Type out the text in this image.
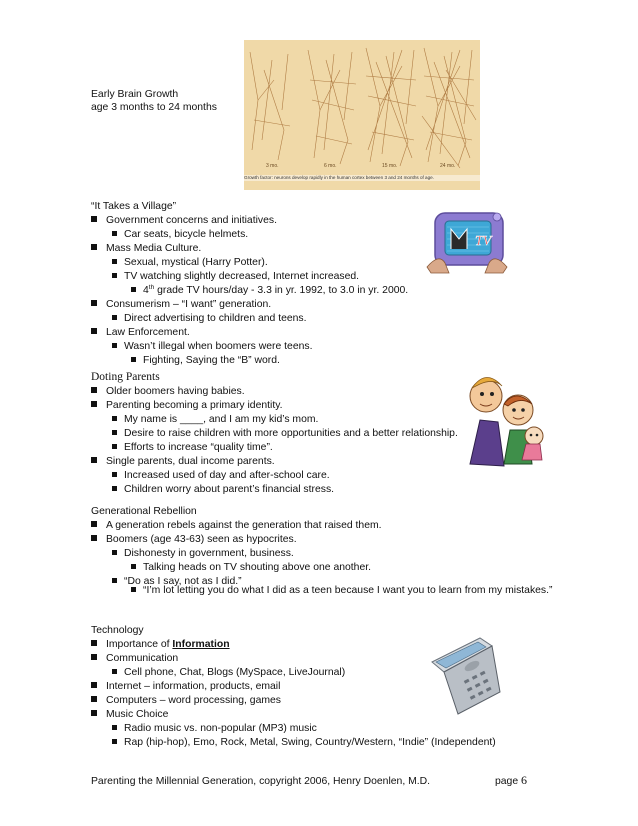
3 mo.	6 mo.	15 mo.	24 mo.
Growth factor: neurons develop rapidly in the human cortex between 3 and 24 months of age.
Early Brain Growth
age 3 months to 24 months
“It Takes a Village”
Government concerns and initiatives.
Car seats, bicycle helmets.
Mass Media Culture.
Sexual, mystical (Harry Potter).
TV watching slightly decreased, Internet increased.
4th grade TV hours/day - 3.3 in yr. 1992, to 3.0 in yr. 2000.
Consumerism – “I want” generation.
Direct advertising to children and teens.
Law Enforcement.
Wasn’t illegal when boomers were teens.
Fighting, Saying the “B” word.
TV
Doting Parents
Older boomers having babies.
Parenting becoming a primary identity.
My name is ____, and I am my kid’s mom.
Desire to raise children with more opportunities and a better relationship.
Efforts to increase “quality time”.
Single parents, dual income parents.
Increased used of day and after-school care.
Children worry about parent’s financial stress.
Generational Rebellion
A generation rebels against the generation that raised them.
Boomers (age 43-63) seen as hypocrites.
Dishonesty in government, business.
Talking heads on TV shouting above one another.
“Do as I say, not as I did.”
“I’m lot letting you do what I did as a teen because I want you to learn from my mistakes.”
Technology
Importance of Information
Communication
Cell phone, Chat, Blogs (MySpace, LiveJournal)
Internet – information, products, email
Computers – word processing, games
Music Choice
Radio music vs. non-popular (MP3) music
Rap (hip-hop), Emo, Rock, Metal, Swing, Country/Western, “Indie” (Independent)
Parenting the Millennial Generation, copyright 2006, Henry Doenlen, M.D.	page 6
